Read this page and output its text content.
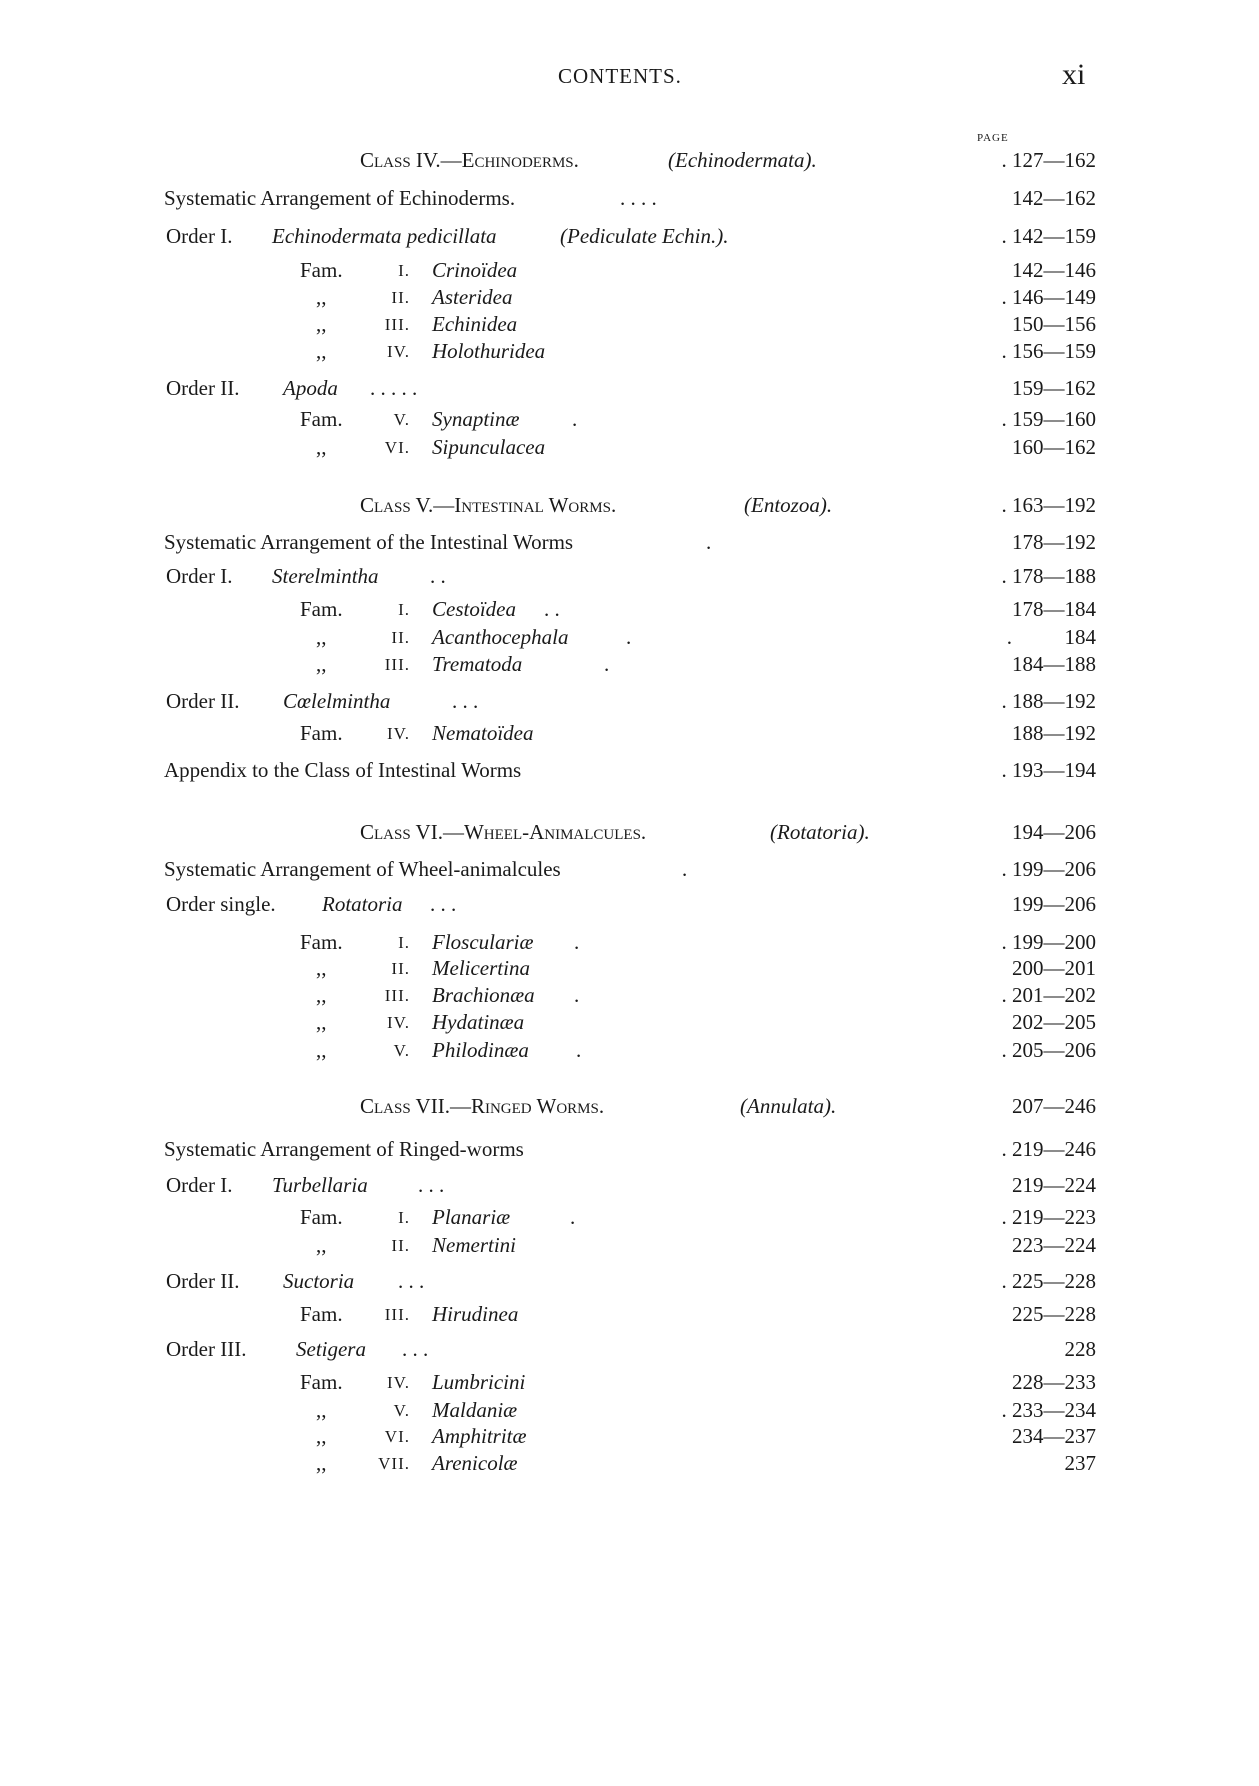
CONTENTS.	xi
PAGE
Class IV.—Echinoderms.	(Echinodermata).	. 127—162
Systematic Arrangement of Echinoderms.	. . . .	142—162
Order I. Echinodermata pedicillata	(Pediculate Echin.).	. 142—159
Fam.	I. Crinoïdea	142—146
,,	II. Asteridea	. 146—149
,,	III. Echinidea	150—156
,,	IV. Holothuridea	. 156—159
Order II. Apoda . . . . .	159—162
Fam.	V. Synaptinæ	.	. 159—160
,,	VI. Sipunculacea	160—162
Class V.—Intestinal Worms.	(Entozoa).	. 163—192
Systematic Arrangement of the Intestinal Worms	.	178—192
Order I. Sterelmintha . .	. 178—188
Fam.	I. Cestoïdea . .	178—184
,,	II. Acanthocephala	.	.          184
,,	III. Trematoda	.	184—188
Order II. Cœlelmintha	. . .	. 188—192
Fam.	IV. Nematoïdea	188—192
Appendix to the Class of Intestinal Worms	. 193—194
Class VI.—Wheel-Animalcules.	(Rotatoria).	194—206
Systematic Arrangement of Wheel-animalcules	.	. 199—206
Order single. Rotatoria . . .	199—206
Fam.	I. Flosculariæ .	. 199—200
,,	II. Melicertina	200—201
,,	III. Brachionæa .	. 201—202
,,	IV. Hydatinæa	202—205
,,	V. Philodinæa .	. 205—206
Class VII.—Ringed Worms.	(Annulata).	207—246
Systematic Arrangement of Ringed-worms	. 219—246
Order I. Turbellaria . . .	219—224
Fam.	I. Planariæ	.	. 219—223
,,	II. Nemertini	223—224
Order II. Suctoria . . .	. 225—228
Fam. III. Hirudinea	225—228
Order III. Setigera . . .	228
Fam.	IV. Lumbricini	228—233
,,	V. Maldaniæ	. 233—234
,,	VI. Amphitritæ	234—237
,,	VII. Arenicolæ	237
